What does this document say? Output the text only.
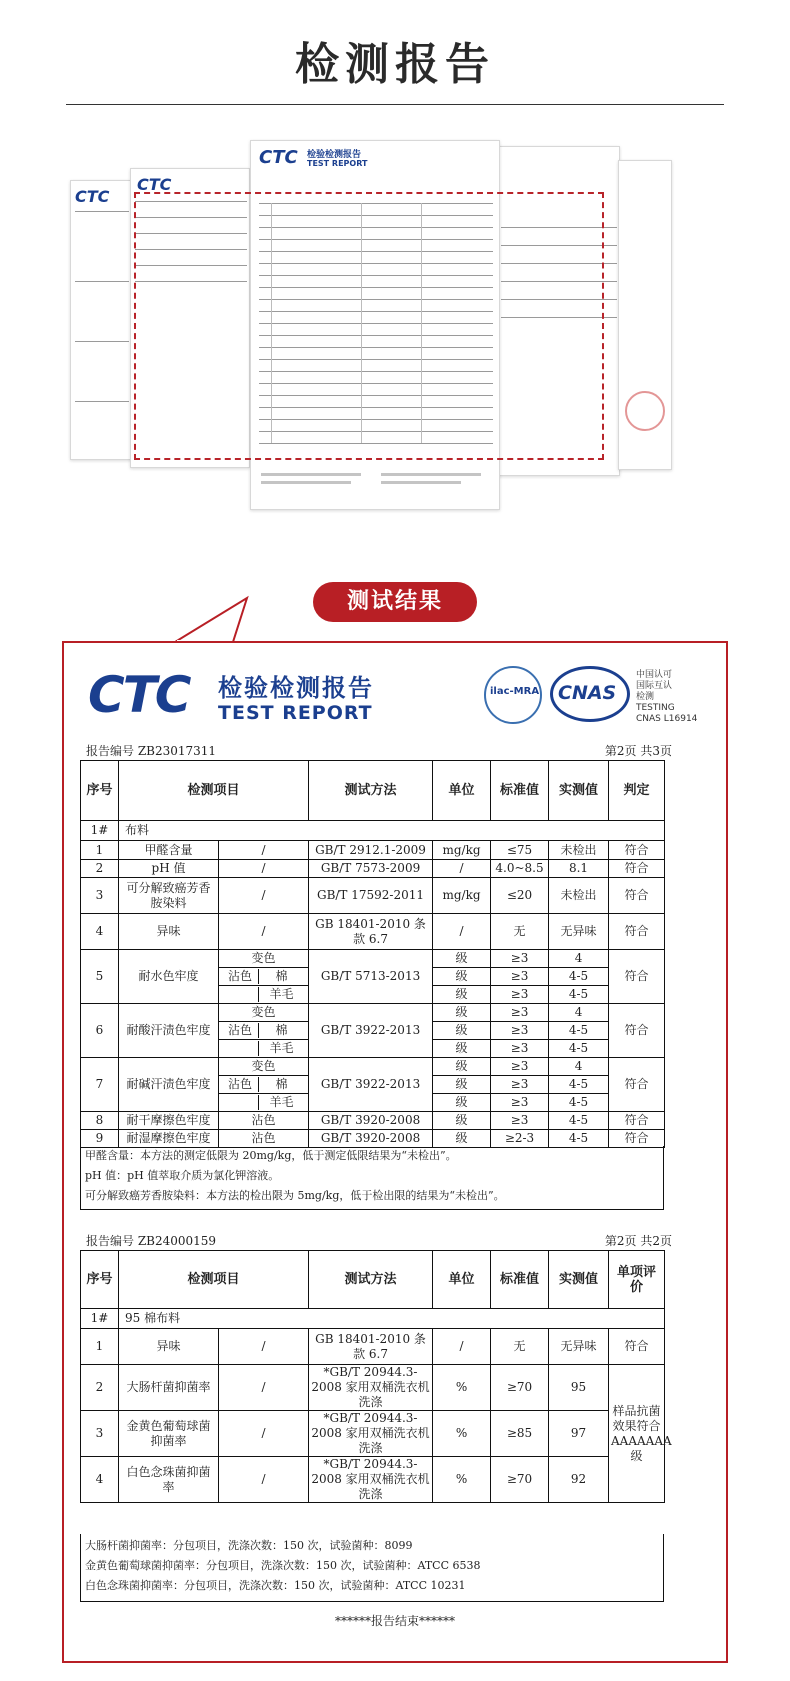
检测报告
CTC
CTC
CTC 检验检测报告
TEST REPORT
测试结果
CTC 检验检测报告
TEST REPORT
ilac-MRA CNAS
中国认可
国际互认
检测
TESTING
CNAS L16914
报告编号 ZB23017311	第2页 共3页
序号	检测项目		测试方法	单位	标准值	实测值	判定
1#	布料						
1	甲醛含量	/	GB/T 2912.1-2009	mg/kg	≤75	未检出	符合
2	pH 值	/	GB/T 7573-2009	/	4.0~8.5	8.1	符合
3	可分解致癌芳香胺染料	/	GB/T 17592-2011	mg/kg	≤20	未检出	符合
4	异味	/	GB 18401-2010 条款 6.7	/	无	无异味	符合
5	耐水色牢度	变色	GB/T 5713-2013	级	≥3	4	符合
		沾色 棉		级	≥3	4-5	
		羊毛		级	≥3	4-5	
6	耐酸汗渍色牢度	变色	GB/T 3922-2013	级	≥3	4	符合
		沾色 棉		级	≥3	4-5	
		羊毛		级	≥3	4-5	
7	耐碱汗渍色牢度	变色	GB/T 3922-2013	级	≥3	4	符合
		沾色 棉		级	≥3	4-5	
		羊毛		级	≥3	4-5	
8	耐干摩擦色牢度	沾色	GB/T 3920-2008	级	≥3	4-5	符合
9	耐湿摩擦色牢度	沾色	GB/T 3920-2008	级	≥2-3	4-5	符合
甲醛含量：本方法的测定低限为 20mg/kg，低于测定低限结果为“未检出”。
pH 值：pH 值萃取介质为氯化钾溶液。
可分解致癌芳香胺染料：本方法的检出限为 5mg/kg，低于检出限的结果为“未检出”。
报告编号 ZB24000159	第2页 共2页
序号	检测项目		测试方法	单位	标准值	实测值	单项评价
1#	95 棉布料						
1	异味	/	GB 18401-2010 条款 6.7	/	无	无异味	符合
2	大肠杆菌抑菌率	/	*GB/T 20944.3-2008 家用双桶洗衣机洗涤	%	≥70	95	样品抗菌效果符合AAAAAAA级
3	金黄色葡萄球菌抑菌率	/	*GB/T 20944.3-2008 家用双桶洗衣机洗涤	%	≥85	97	
4	白色念珠菌抑菌率	/	*GB/T 20944.3-2008 家用双桶洗衣机洗涤	%	≥70	92	
大肠杆菌抑菌率：分包项目，洗涤次数：150 次，试验菌种：8099
金黄色葡萄球菌抑菌率：分包项目，洗涤次数：150 次，试验菌种：ATCC 6538
白色念珠菌抑菌率：分包项目，洗涤次数：150 次，试验菌种：ATCC 10231
******报告结束******
